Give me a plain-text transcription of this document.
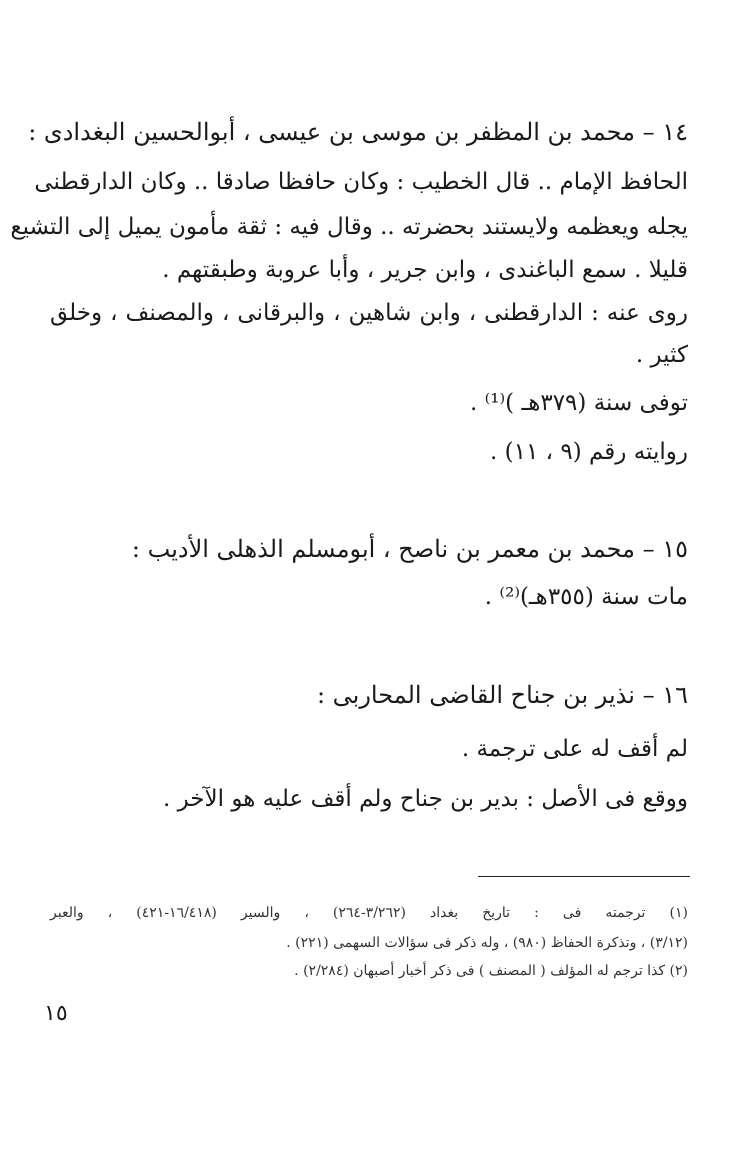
١٤ – محمد بن المظفر بن موسى بن عيسى ، أبوالحسين البغدادى :
الحافظ الإمام .. قال الخطيب : وكان حافظا صادقا .. وكان الدارقطنى
يجله ويعظمه ولايستند بحضرته .. وقال فيه : ثقة مأمون يميل إلى التشيع
قليلا . سمع الباغندى ، وابن جرير ، وأبا عروبة وطبقتهم .
روى عنه : الدارقطنى ، وابن شاهين ، والبرقانى ، والمصنف ، وخلق
كثير .
توفى سنة (٣٧٩هـ )⁽¹⁾ .
روايته رقم (٩ ، ١١) .
١٥ – محمد بن معمر بن ناصح ، أبومسلم الذهلى الأديب :
مات سنة (٣٥٥هـ)⁽²⁾ .
١٦ – نذير بن جناح القاضى المحاربى :
لم أقف له على ترجمة .
ووقع فى الأصل : بدير بن جناح ولم أقف عليه هو الآخر .
(١) ترجمته فى : تاريخ بغداد (٣/٢٦٢-٢٦٤) ، والسير (١٦/٤١٨-٤٢١) ، والعبر
(٣/١٢) ، وتذكرة الحفاظ (٩٨٠) ، وله ذكر فى سؤالات السهمى (٢٢١) .
(٢) كذا ترجم له المؤلف ( المصنف ) فى ذكر أخبار أصبهان (٢/٢٨٤) .
١٥
